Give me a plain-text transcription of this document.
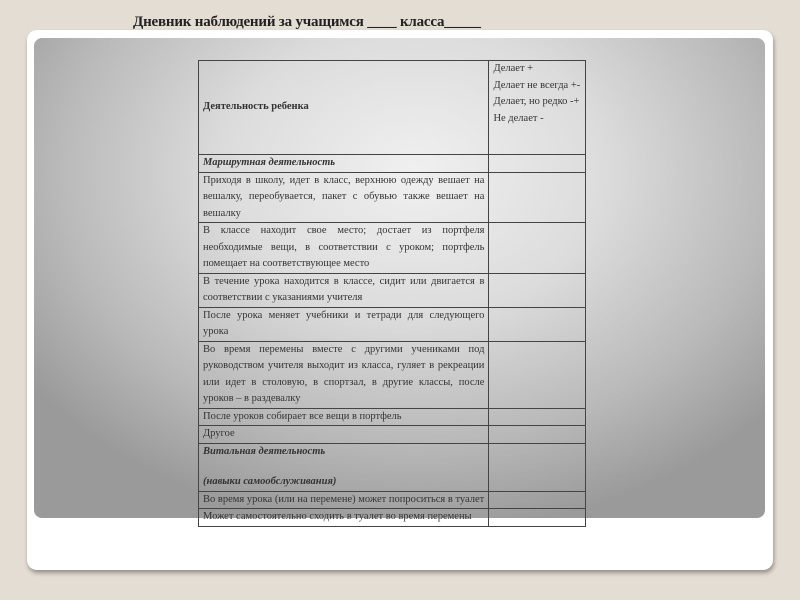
Дневник наблюдений за учащимся ____ класса_____
Деятельность ребенка	Делает +
Делает не всегда +-
Делает, но редко -+
Не делает -

Маршрутная деятельность	
Приходя в школу, идет в класс, верхнюю одежду вешает на вешалку, переобувается, пакет с обувью также вешает на вешалку	
В классе находит свое место; достает из портфеля необходимые вещи, в соответствии с уроком; портфель помещает на соответствующее место	
В течение урока находится в классе, сидит или двигается в соответствии с указаниями учителя	
После урока меняет учебники и тетради для следующего урока	
Во время перемены вместе с другими учениками под руководством учителя выходит из класса, гуляет в рекреации или идет в столовую, в спортзал, в другие классы, после уроков – в раздевалку	
После уроков собирает все вещи в портфель	
Другое	

Витальная деятельность
(навыки самообслуживания)	

Во время урока (или на перемене) может попроситься в туалет	
Может самостоятельно сходить в туалет во время перемены	
